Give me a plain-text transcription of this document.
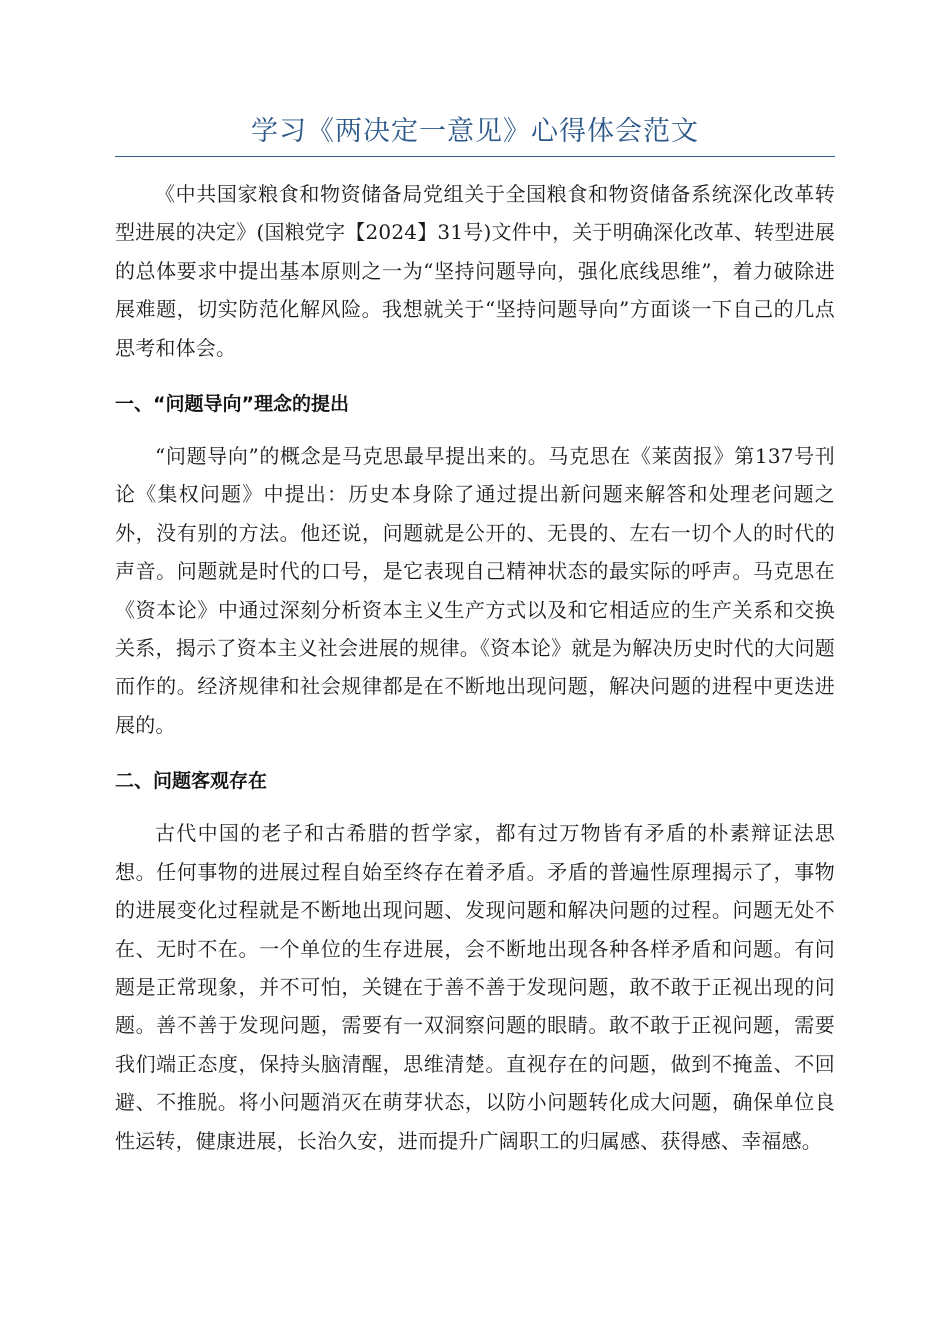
学习《两决定一意见》心得体会范文

《中共国家粮食和物资储备局党组关于全国粮食和物资储备系统深化改革转型进展的决定》(国粮党字【2024】31号)文件中，关于明确深化改革、转型进展的总体要求中提出基本原则之一为“坚持问题导向，强化底线思维”，着力破除进展难题，切实防范化解风险。我想就关于“坚持问题导向”方面谈一下自己的几点思考和体会。

一、“问题导向”理念的提出

“问题导向”的概念是马克思最早提出来的。马克思在《莱茵报》第137号刊论《集权问题》中提出：历史本身除了通过提出新问题来解答和处理老问题之外，没有别的方法。他还说，问题就是公开的、无畏的、左右一切个人的时代的声音。问题就是时代的口号，是它表现自己精神状态的最实际的呼声。马克思在《资本论》中通过深刻分析资本主义生产方式以及和它相适应的生产关系和交换关系，揭示了资本主义社会进展的规律。《资本论》就是为解决历史时代的大问题而作的。经济规律和社会规律都是在不断地出现问题，解决问题的进程中更迭进展的。

二、问题客观存在

古代中国的老子和古希腊的哲学家，都有过万物皆有矛盾的朴素辩证法思想。任何事物的进展过程自始至终存在着矛盾。矛盾的普遍性原理揭示了，事物的进展变化过程就是不断地出现问题、发现问题和解决问题的过程。问题无处不在、无时不在。一个单位的生存进展，会不断地出现各种各样矛盾和问题。有问题是正常现象，并不可怕，关键在于善不善于发现问题，敢不敢于正视出现的问题。善不善于发现问题，需要有一双洞察问题的眼睛。敢不敢于正视问题，需要我们端正态度，保持头脑清醒，思维清楚。直视存在的问题，做到不掩盖、不回避、不推脱。将小问题消灭在萌芽状态，以防小问题转化成大问题，确保单位良性运转，健康进展，长治久安，进而提升广阔职工的归属感、获得感、幸福感。
